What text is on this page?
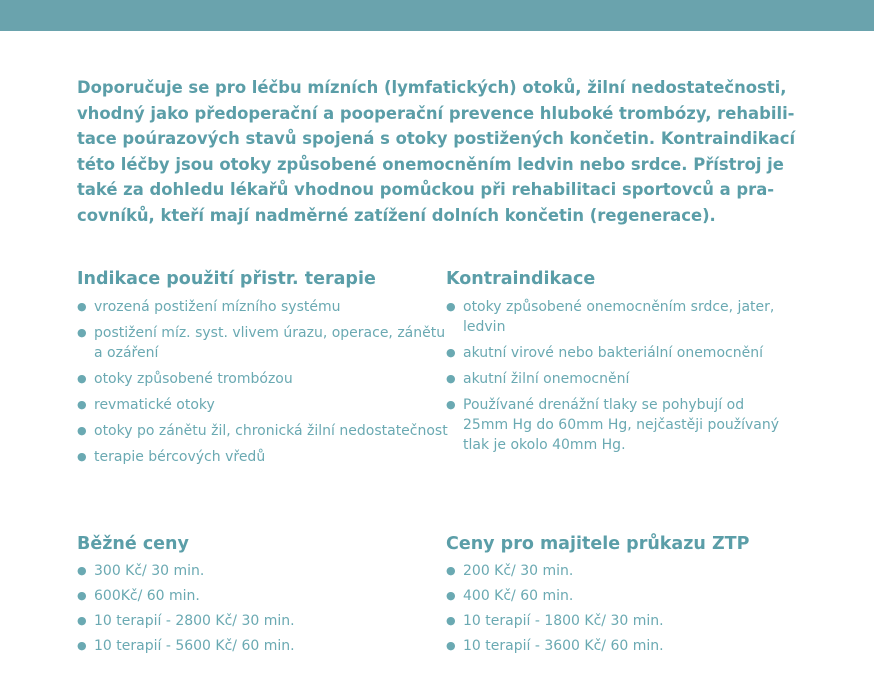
Doporučuje se pro léčbu mízních (lymfatických) otoků, žilní nedostatečnosti, vhodný jako předoperační a pooperační prevence hluboké trombózy, rehabili-tace poúrazových stavů spojená s otoky postižených končetin. Kontraindikací této léčby jsou otoky způsobené onemocněním ledvin nebo srdce. Přístroj je také za dohledu lékařů vhodnou pomůckou při rehabilitaci sportovců a pra-covníků, kteří mají nadměrné zatížení dolních končetin (regenerace).

Indikace použití přistr. terapie
● vrozená postižení mízního systému
● postižení míz. syst. vlivem úrazu, operace, zánětu a ozáření
● otoky způsobené trombózou
● revmatické otoky
● otoky po zánětu žil, chronická žilní nedostatečnost
● terapie bércových vředů
Kontraindikace
● otoky způsobené onemocněním srdce, jater, ledvin
● akutní virové nebo bakteriální onemocnění
● akutní žilní onemocnění
● Používané drenážní tlaky se pohybují od 25mm Hg do 60mm Hg, nejčastěji používaný tlak je okolo 40mm Hg.
Běžné ceny
● 300 Kč/ 30 min.
● 600Kč/ 60 min.
● 10 terapií - 2800 Kč/ 30 min.
● 10 terapií - 5600 Kč/ 60 min.
Ceny pro majitele průkazu ZTP
● 200 Kč/ 30 min.
● 400 Kč/ 60 min.
● 10 terapií - 1800 Kč/ 30 min.
● 10 terapií - 3600 Kč/ 60 min.
